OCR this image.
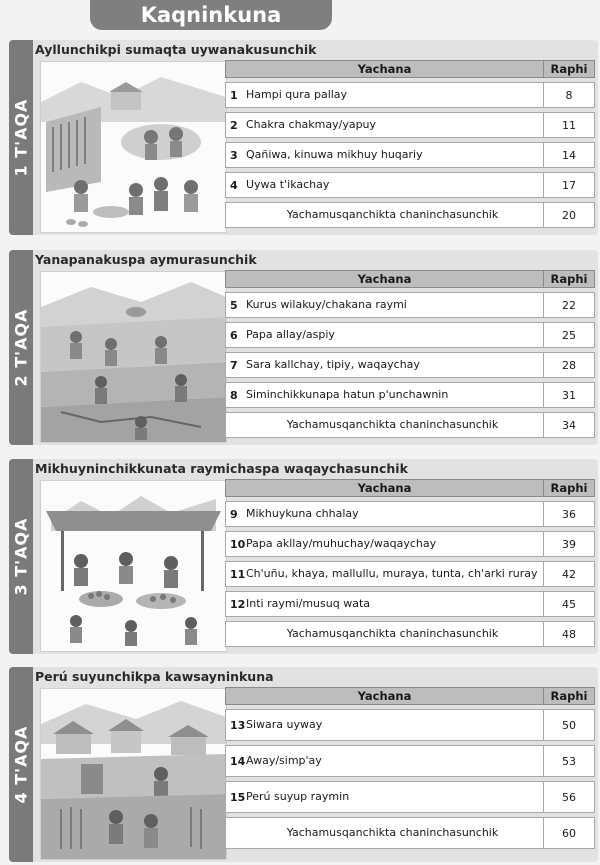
Kaqninkuna
1 T'AQA
Ayllunchikpi sumaqta uywanakusunchik
Yachana	Raphi
1 Hampi qura pallay	8
2 Chakra chakmay/yapuy	11
3 Qañiwa, kinuwa mikhuy huqariy	14
4 Uywa t'ikachay	17
Yachamusqanchikta chaninchasunchik	20
2 T'AQA
Yanapanakuspa aymurasunchik
Yachana	Raphi
5 Kurus wilakuy/chakana raymi	22
6 Papa allay/aspiy	25
7 Sara kallchay, tipiy, waqaychay	28
8 Siminchikkunapa hatun p'unchawnin	31
Yachamusqanchikta chaninchasunchik	34
3 T'AQA
Mikhuyninchikkunata raymichaspa waqaychasunchik
Yachana	Raphi
9 Mikhuykuna chhalay	36
10 Papa akllay/muhuchay/waqaychay	39
11 Ch'uñu, khaya, mallullu, muraya, tunta, ch'arki ruray	42
12 Inti raymi/musuq wata	45
Yachamusqanchikta chaninchasunchik	48
4 T'AQA
Perú suyunchikpa kawsayninkuna
Yachana	Raphi
13 Siwara uyway	50
14 Away/simp'ay	53
15 Perú suyup raymin	56
Yachamusqanchikta chaninchasunchik	60
